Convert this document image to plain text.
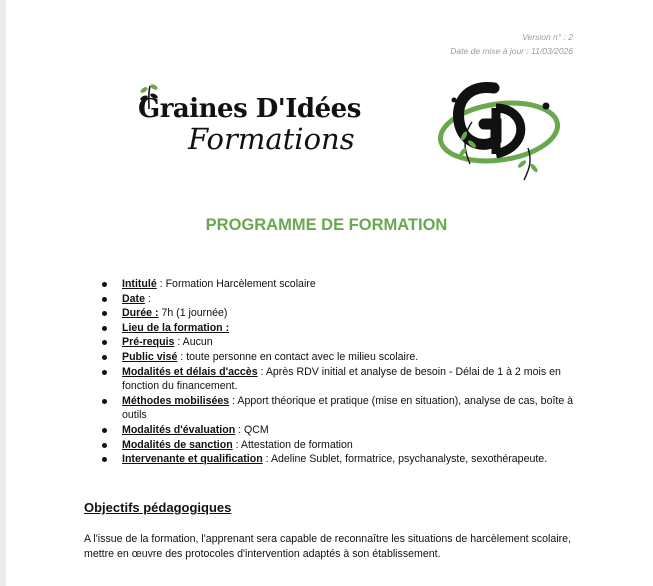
Version n° : 2
Date de mise à jour : 11/03/2026
Graines D'Idées
Formations
PROGRAMME DE FORMATION
Intitulé : Formation Harcèlement scolaire
Date :
Durée : 7h (1 journée)
Lieu de la formation :
Pré-requis : Aucun
Public visé : toute personne en contact avec le milieu scolaire.
Modalités et délais d'accès : Après RDV initial et analyse de besoin - Délai de 1 à 2 mois en fonction du financement.
Méthodes mobilisées : Apport théorique et pratique (mise en situation), analyse de cas, boîte à outils
Modalités d'évaluation : QCM
Modalités de sanction : Attestation de formation
Intervenante et qualification : Adeline Sublet, formatrice, psychanalyste, sexothérapeute.
Objectifs pédagogiques
A l'issue de la formation, l'apprenant sera capable de reconnaître les situations de harcèlement scolaire, mettre en œuvre des protocoles d'intervention adaptés à son établissement.
